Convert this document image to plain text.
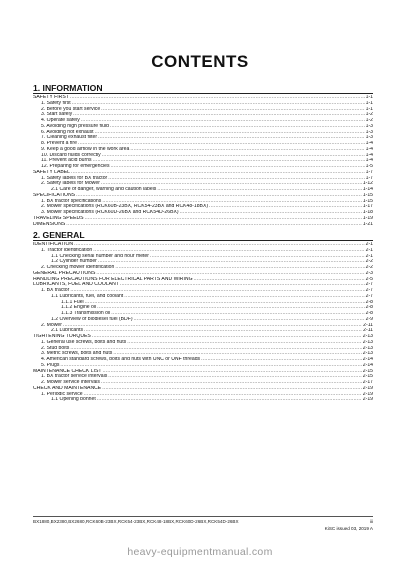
CONTENTS
1. INFORMATION
SAFETY FIRST .....	1-1
1. Safety first .....	1-1
2. Before you start service .....	1-1
3. Start safely .....	1-2
4. Operate safely .....	1-2
5. Avoiding high pressure fluid .....	1-3
6. Avoiding hot exhaust .....	1-3
7. Cleaning exhaust filter .....	1-3
8. Prevent a fire .....	1-4
9. Keep a good airflow in the work area .....	1-4
10. Discard fluids correctly .....	1-4
11. Prevent acid burns .....	1-4
12. Preparing for emergencies .....	1-5
SAFETY LABEL .....	1-7
1. Safety labels for BX tractor .....	1-7
2. Safety labels for Mower .....	1-12
2.1 Care of danger, warning and caution labels .....	1-14
SPECIFICATIONS .....	1-15
1. BX tractor specifications .....	1-15
2. Mower specifications (RCK60B-23BX, RCK54-23BX and RCK48-18BX) .....	1-17
3. Mower specifications (RCK60D-26BX and RCK54D-26BX) .....	1-18
TRAVELING SPEEDS .....	1-19
DIMENSIONS .....	1-21
2. GENERAL
IDENTIFICATION .....	2-1
1. Tractor identification .....	2-1
1.1 Checking serial number and hour meter .....	2-1
1.2 Cylinder number .....	2-2
2. Checking mower identification .....	2-2
GENERAL PRECAUTIONS .....	2-3
HANDLING PRECAUTIONS FOR ELECTRICAL PARTS AND WIRING .....	2-5
LUBRICANTS, FUEL AND COOLANT .....	2-7
1. BX tractor .....	2-7
1.1 Lubricants, fuel, and coolant .....	2-7
1.1.1 Fuel .....	2-8
1.1.2 Engine oil .....	2-8
1.1.3 Transmission oil .....	2-8
1.2 Overview of biodiesel fuel (BDF) .....	2-9
2. Mower .....	2-11
2.1 Lubricants .....	2-11
TIGHTENING TORQUES .....	2-13
1. General use screws, bolts and nuts .....	2-13
2. Stud bolts .....	2-13
3. Metric screws, bolts and nuts .....	2-13
4. American standard screws, bolts and nuts with UNC or UNF threads .....	2-14
5. Plugs .....	2-14
MAINTENANCE CHECK LIST .....	2-15
1. BX tractor service intervals .....	2-15
2. Mower service intervals .....	2-17
CHECK AND MAINTENANCE .....	2-19
1. Periodic service .....	2-19
1.1 Opening bonnet .....	2-19
BX1880,BX2380,BX2680,RCK60B-23BX,RCK54-23BX,RCK48-18BX,RCK60D-26BX,RCK54D-26BX	iii
KiSC issued 03, 2019 A
heavy-equipmentmanual.com
